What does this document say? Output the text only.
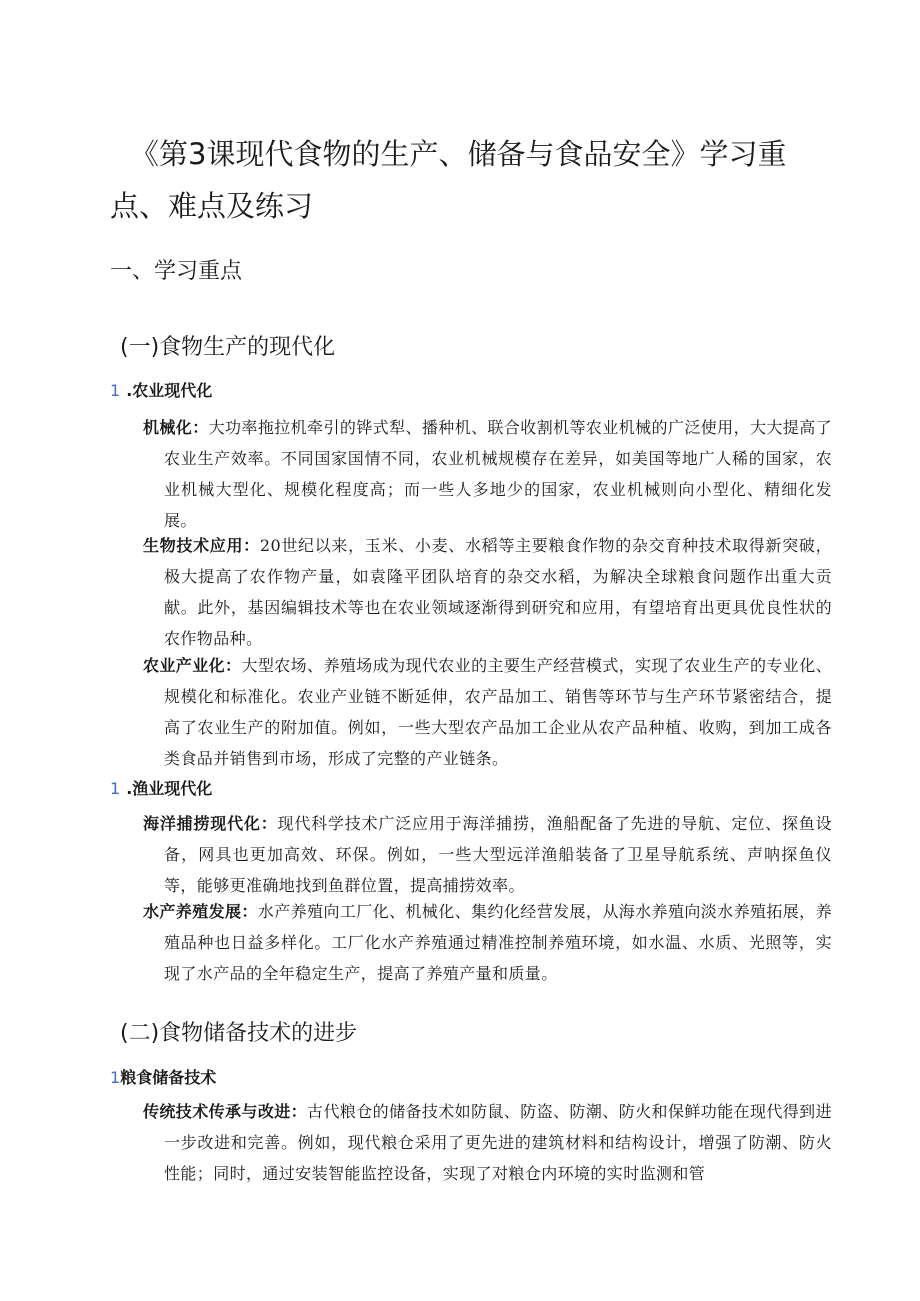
《第3课现代食物的生产、储备与食品安全》学习重点、难点及练习
一、学习重点
(一)食物生产的现代化
1 .农业现代化

机械化：大功率拖拉机牵引的铧式犁、播种机、联合收割机等农业机械的广泛使用，大大提高了农业生产效率。不同国家国情不同，农业机械规模存在差异，如美国等地广人稀的国家，农业机械大型化、规模化程度高；而一些人多地少的国家，农业机械则向小型化、精细化发展。

生物技术应用：20世纪以来，玉米、小麦、水稻等主要粮食作物的杂交育种技术取得新突破，极大提高了农作物产量，如袁隆平团队培育的杂交水稻，为解决全球粮食问题作出重大贡献。此外，基因编辑技术等也在农业领域逐渐得到研究和应用，有望培育出更具优良性状的农作物品种。

农业产业化：大型农场、养殖场成为现代农业的主要生产经营模式，实现了农业生产的专业化、规模化和标准化。农业产业链不断延伸，农产品加工、销售等环节与生产环节紧密结合，提高了农业生产的附加值。例如，一些大型农产品加工企业从农产品种植、收购，到加工成各类食品并销售到市场，形成了完整的产业链条。

1 .渔业现代化

海洋捕捞现代化：现代科学技术广泛应用于海洋捕捞，渔船配备了先进的导航、定位、探鱼设备，网具也更加高效、环保。例如，一些大型远洋渔船装备了卫星导航系统、声呐探鱼仪等，能够更准确地找到鱼群位置，提高捕捞效率。

水产养殖发展：水产养殖向工厂化、机械化、集约化经营发展，从海水养殖向淡水养殖拓展，养殖品种也日益多样化。工厂化水产养殖通过精准控制养殖环境，如水温、水质、光照等，实现了水产品的全年稳定生产，提高了养殖产量和质量。

(二)食物储备技术的进步
1粮食储备技术

传统技术传承与改进：古代粮仓的储备技术如防鼠、防盗、防潮、防火和保鲜功能在现代得到进一步改进和完善。例如，现代粮仓采用了更先进的建筑材料和结构设计，增强了防潮、防火性能；同时，通过安装智能监控设备，实现了对粮仓内环境的实时监测和管
